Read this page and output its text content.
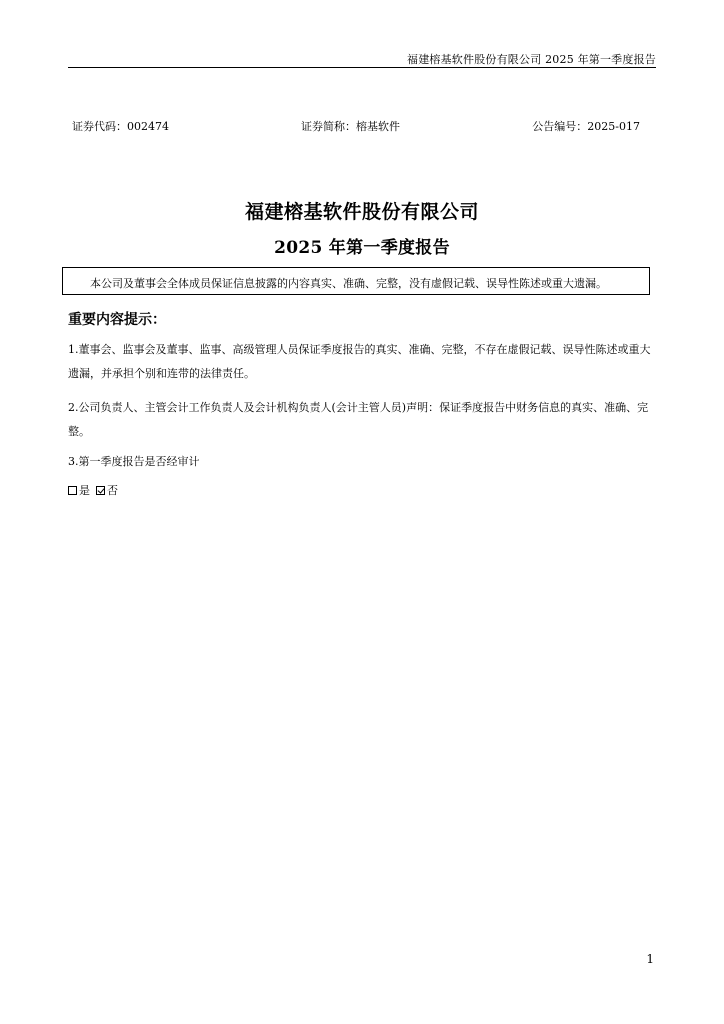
福建榕基软件股份有限公司 2025 年第一季度报告
证券代码：002474	证券简称：榕基软件	公告编号：2025-017
福建榕基软件股份有限公司
2025 年第一季度报告
本公司及董事会全体成员保证信息披露的内容真实、准确、完整，没有虚假记载、误导性陈述或重大遗漏。
重要内容提示：
1.董事会、监事会及董事、监事、高级管理人员保证季度报告的真实、准确、完整，不存在虚假记载、误导性陈述或重大遗漏，并承担个别和连带的法律责任。
2.公司负责人、主管会计工作负责人及会计机构负责人(会计主管人员)声明：保证季度报告中财务信息的真实、准确、完整。
3.第一季度报告是否经审计
是 否
1
